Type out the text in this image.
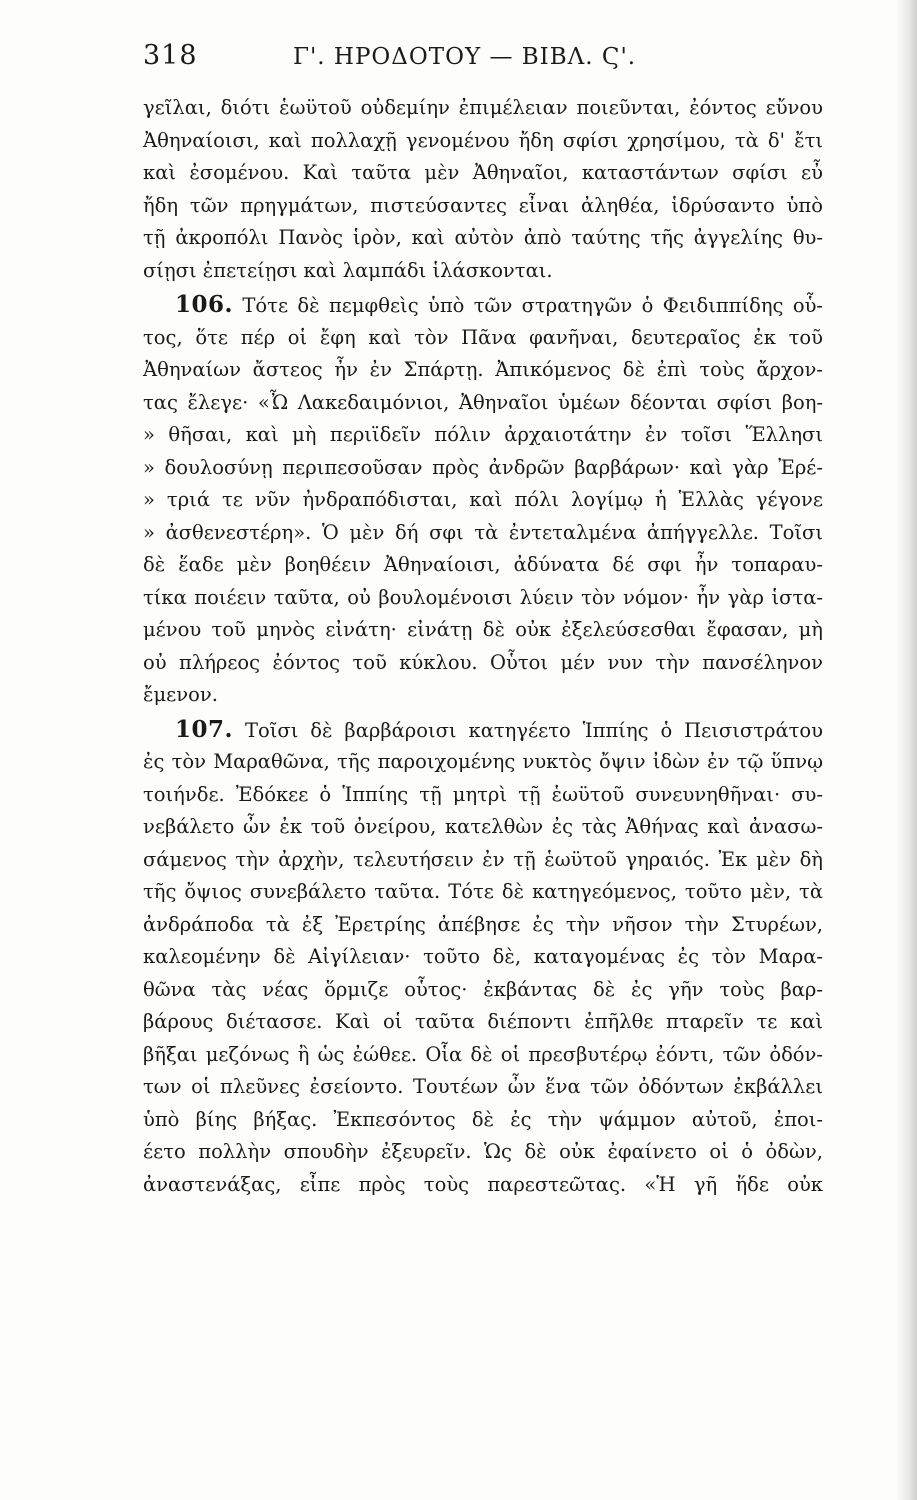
318	Γ'. ΗΡΟΔΟΤΟΥ — ΒΙΒΛ. Ϛ'.
γεῖλαι, διότι ἑωϋτοῦ οὐδεμίην ἐπιμέλειαν ποιεῦνται, ἐόντος εὔνου
Ἀθηναίοισι, καὶ πολλαχῇ γενομένου ἤδη σφίσι χρησίμου, τὰ δ' ἔτι
καὶ ἐσομένου. Καὶ ταῦτα μὲν Ἀθηναῖοι, καταστάντων σφίσι εὖ
ἤδη τῶν πρηγμάτων, πιστεύσαντες εἶναι ἀληθέα, ἱδρύσαντο ὑπὸ
τῇ ἀκροπόλι Πανὸς ἱρὸν, καὶ αὐτὸν ἀπὸ ταύτης τῆς ἀγγελίης θυ-
σίῃσι ἐπετείῃσι καὶ λαμπάδι ἱλάσκονται.
106. Τότε δὲ πεμφθεὶς ὑπὸ τῶν στρατηγῶν ὁ Φειδιππίδης οὗ-
τος, ὅτε πέρ οἱ ἔφη καὶ τὸν Πᾶνα φανῆναι, δευτεραῖος ἐκ τοῦ
Ἀθηναίων ἄστεος ἦν ἐν Σπάρτῃ. Ἀπικόμενος δὲ ἐπὶ τοὺς ἄρχον-
τας ἔλεγε· «Ὦ Λακεδαιμόνιοι, Ἀθηναῖοι ὑμέων δέονται σφίσι βοη-
» θῆσαι, καὶ μὴ περιϊδεῖν πόλιν ἀρχαιοτάτην ἐν τοῖσι Ἕλλησι
» δουλοσύνῃ περιπεσοῦσαν πρὸς ἀνδρῶν βαρβάρων· καὶ γὰρ Ἐρέ-
» τριά τε νῦν ἠνδραπόδισται, καὶ πόλι λογίμῳ ἡ Ἑλλὰς γέγονε
» ἀσθενεστέρη». Ὁ μὲν δή σφι τὰ ἐντεταλμένα ἀπήγγελλε. Τοῖσι
δὲ ἕαδε μὲν βοηθέειν Ἀθηναίοισι, ἀδύνατα δέ σφι ἦν τοπαραυ-
τίκα ποιέειν ταῦτα, οὐ βουλομένοισι λύειν τὸν νόμον· ἦν γὰρ ἱστα-
μένου τοῦ μηνὸς εἰνάτη· εἰνάτῃ δὲ οὐκ ἐξελεύσεσθαι ἔφασαν, μὴ
οὐ πλήρεος ἐόντος τοῦ κύκλου. Οὗτοι μέν νυν τὴν πανσέληνον
ἔμενον.
107. Τοῖσι δὲ βαρβάροισι κατηγέετο Ἱππίης ὁ Πεισιστράτου
ἐς τὸν Μαραθῶνα, τῆς παροιχομένης νυκτὸς ὄψιν ἰδὼν ἐν τῷ ὕπνῳ
τοιήνδε. Ἐδόκεε ὁ Ἱππίης τῇ μητρὶ τῇ ἑωϋτοῦ συνευνηθῆναι· συ-
νεβάλετο ὦν ἐκ τοῦ ὀνείρου, κατελθὼν ἐς τὰς Ἀθήνας καὶ ἀνασω-
σάμενος τὴν ἀρχὴν, τελευτήσειν ἐν τῇ ἑωϋτοῦ γηραιός. Ἐκ μὲν δὴ
τῆς ὄψιος συνεβάλετο ταῦτα. Τότε δὲ κατηγεόμενος, τοῦτο μὲν, τὰ
ἀνδράποδα τὰ ἐξ Ἐρετρίης ἀπέβησε ἐς τὴν νῆσον τὴν Στυρέων,
καλεομένην δὲ Αἰγίλειαν· τοῦτο δὲ, καταγομένας ἐς τὸν Μαρα-
θῶνα τὰς νέας ὅρμιζε οὗτος· ἐκβάντας δὲ ἐς γῆν τοὺς βαρ-
βάρους διέτασσε. Καὶ οἱ ταῦτα διέποντι ἐπῆλθε πταρεῖν τε καὶ
βῆξαι μεζόνως ἢ ὡς ἐώθεε. Οἷα δὲ οἱ πρεσβυτέρῳ ἐόντι, τῶν ὀδόν-
των οἱ πλεῦνες ἐσείοντο. Τουτέων ὦν ἕνα τῶν ὀδόντων ἐκβάλλει
ὑπὸ βίης βήξας. Ἐκπεσόντος δὲ ἐς τὴν ψάμμον αὐτοῦ, ἐποι-
έετο πολλὴν σπουδὴν ἐξευρεῖν. Ὡς δὲ οὐκ ἐφαίνετο οἱ ὁ ὀδὼν,
ἀναστενάξας, εἶπε πρὸς τοὺς παρεστεῶτας. «Ἡ γῆ ἥδε οὐκ
